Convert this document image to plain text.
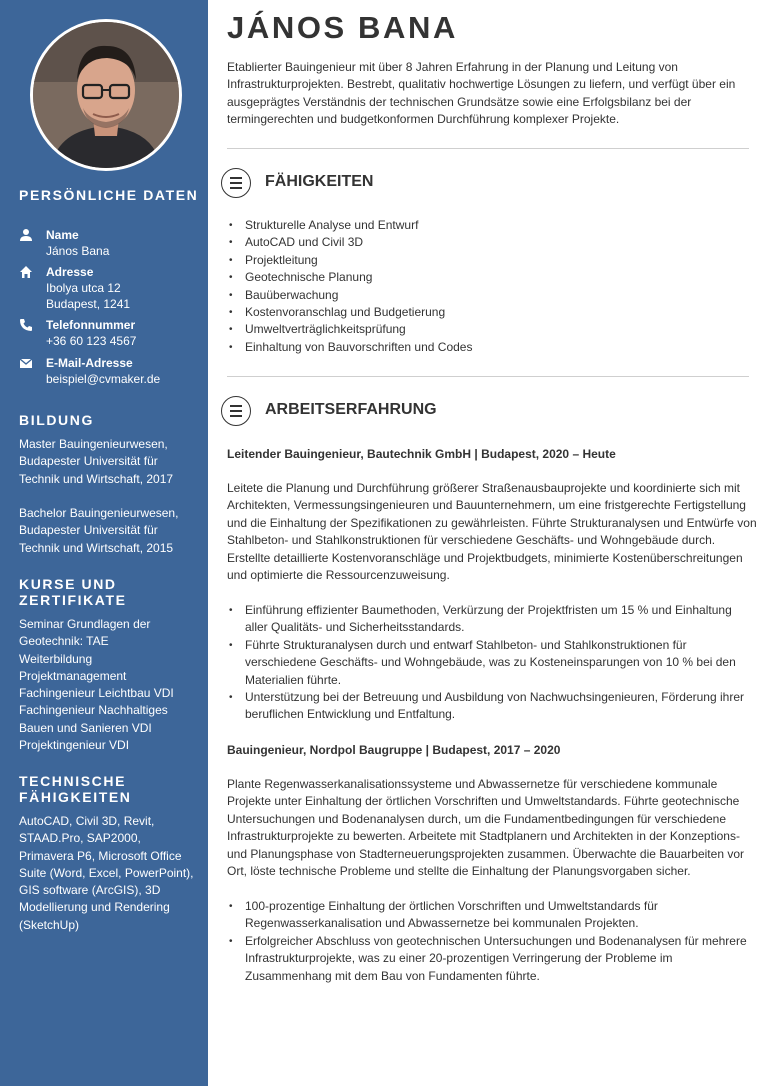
PERSÖNLICHE DATEN
Name
János Bana
Adresse
Ibolya utca 12
Budapest, 1241
Telefonnummer
+36 60 123 4567
E-Mail-Adresse
beispiel@cvmaker.de
BILDUNG
Master Bauingenieurwesen,
Budapester Universität für
Technik und Wirtschaft, 2017
Bachelor Bauingenieurwesen,
Budapester Universität für
Technik und Wirtschaft, 2015
KURSE UND ZERTIFIKATE
Seminar Grundlagen der
Geotechnik: TAE
Weiterbildung
Projektmanagement
Fachingenieur Leichtbau VDI
Fachingenieur Nachhaltiges
Bauen und Sanieren VDI
Projektingenieur VDI
TECHNISCHE FÄHIGKEITEN
AutoCAD, Civil 3D, Revit,
STAAD.Pro, SAP2000,
Primavera P6, Microsoft Office
Suite (Word, Excel, PowerPoint),
GIS software (ArcGIS), 3D
Modellierung und Rendering
(SketchUp)
JÁNOS BANA

Etablierter Bauingenieur mit über 8 Jahren Erfahrung in der Planung und Leitung von Infrastrukturprojekten. Bestrebt, qualitativ hochwertige Lösungen zu liefern, und verfügt über ein ausgeprägtes Verständnis der technischen Grundsätze sowie eine Erfolgsbilanz bei der termingerechten und budgetkonformen Durchführung komplexer Projekte.

FÄHIGKEITEN
• Strukturelle Analyse und Entwurf
• AutoCAD und Civil 3D
• Projektleitung
• Geotechnische Planung
• Bauüberwachung
• Kostenvoranschlag und Budgetierung
• Umweltverträglichkeitsprüfung
• Einhaltung von Bauvorschriften und Codes
ARBEITSERFAHRUNG

Leitender Bauingenieur, Bautechnik GmbH | Budapest, 2020 – Heute

Leitete die Planung und Durchführung größerer Straßenausbauprojekte und koordinierte sich mit Architekten, Vermessungsingenieuren und Bauunternehmern, um eine fristgerechte Fertigstellung und die Einhaltung der Spezifikationen zu gewährleisten. Führte Strukturanalysen und Entwürfe von Stahlbeton- und Stahlkonstruktionen für verschiedene Geschäfts- und Wohngebäude durch. Erstellte detaillierte Kostenvoranschläge und Projektbudgets, minimierte Kostenüberschreitungen und optimierte die Ressourcenzuweisung.

• Einführung effizienter Baumethoden, Verkürzung der Projektfristen um 15 % und Einhaltung aller Qualitäts- und Sicherheitsstandards.
• Führte Strukturanalysen durch und entwarf Stahlbeton- und Stahlkonstruktionen für verschiedene Geschäfts- und Wohngebäude, was zu Kosteneinsparungen von 10 % bei den Materialien führte.
• Unterstützung bei der Betreuung und Ausbildung von Nachwuchsingenieuren, Förderung ihrer beruflichen Entwicklung und Entfaltung.

Bauingenieur, Nordpol Baugruppe | Budapest, 2017 – 2020

Plante Regenwasserkanalisationssysteme und Abwassernetze für verschiedene kommunale Projekte unter Einhaltung der örtlichen Vorschriften und Umweltstandards. Führte geotechnische Untersuchungen und Bodenanalysen durch, um die Fundamentbedingungen für verschiedene Infrastrukturprojekte zu bewerten. Arbeitete mit Stadtplanern und Architekten in der Konzeptions- und Planungsphase von Stadterneuerungsprojekten zusammen. Überwachte die Bauarbeiten vor Ort, löste technische Probleme und stellte die Einhaltung der Planungsvorgaben sicher.

• 100-prozentige Einhaltung der örtlichen Vorschriften und Umweltstandards für Regenwasserkanalisation und Abwassernetze bei kommunalen Projekten.
• Erfolgreicher Abschluss von geotechnischen Untersuchungen und Bodenanalysen für mehrere Infrastrukturprojekte, was zu einer 20-prozentigen Verringerung der Probleme im Zusammenhang mit dem Bau von Fundamenten führte.
